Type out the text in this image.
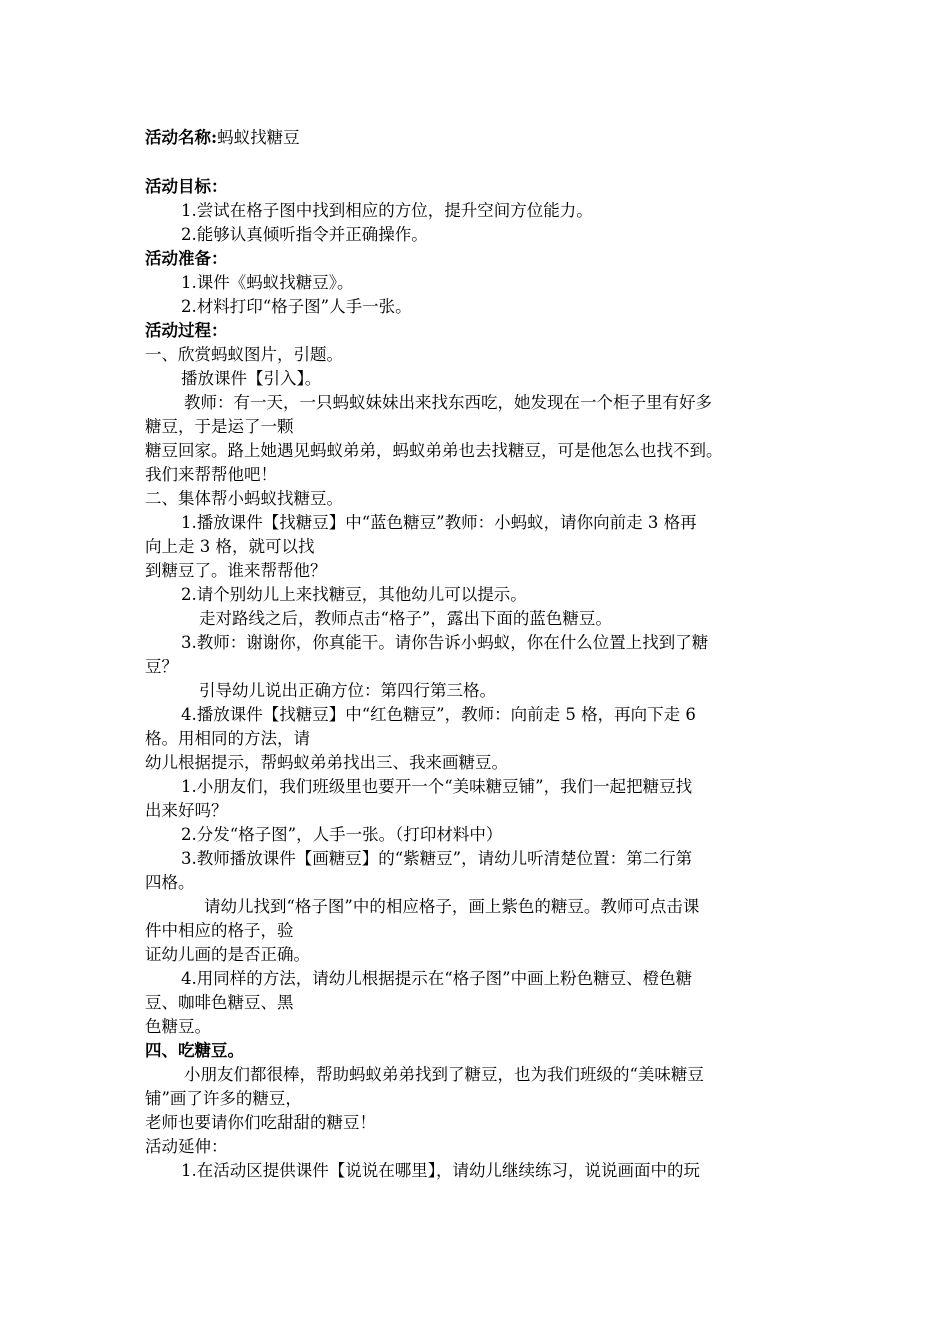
活动名称:蚂蚁找糖豆
活动目标：
1.尝试在格子图中找到相应的方位，提升空间方位能力。
2.能够认真倾听指令并正确操作。
活动准备：
1.课件《蚂蚁找糖豆》。
2.材料打印“格子图”人手一张。
活动过程：
一、欣赏蚂蚁图片，引题。
播放课件【引入】。
教师：有一天，一只蚂蚁妹妹出来找东西吃，她发现在一个柜子里有好多
糖豆，于是运了一颗
糖豆回家。路上她遇见蚂蚁弟弟，蚂蚁弟弟也去找糖豆，可是他怎么也找不到。
我们来帮帮他吧！
二、集体帮小蚂蚁找糖豆。
1.播放课件【找糖豆】中“蓝色糖豆”教师：小蚂蚁，请你向前走 3 格再
向上走 3 格，就可以找
到糖豆了。谁来帮帮他？
2.请个别幼儿上来找糖豆，其他幼儿可以提示。
走对路线之后，教师点击“格子”，露出下面的蓝色糖豆。
3.教师：谢谢你，你真能干。请你告诉小蚂蚁，你在什么位置上找到了糖
豆？
引导幼儿说出正确方位：第四行第三格。
4.播放课件【找糖豆】中“红色糖豆”，教师：向前走 5 格，再向下走 6
格。用相同的方法，请
幼儿根据提示，帮蚂蚁弟弟找出三、我来画糖豆。
1.小朋友们，我们班级里也要开一个“美味糖豆铺”，我们一起把糖豆找
出来好吗？
2.分发“格子图”，人手一张。（打印材料中）
3.教师播放课件【画糖豆】的“紫糖豆”，请幼儿听清楚位置：第二行第
四格。
请幼儿找到“格子图”中的相应格子，画上紫色的糖豆。教师可点击课
件中相应的格子，验
证幼儿画的是否正确。
4.用同样的方法，请幼儿根据提示在“格子图”中画上粉色糖豆、橙色糖
豆、咖啡色糖豆、黑
色糖豆。
四、吃糖豆。
小朋友们都很棒，帮助蚂蚁弟弟找到了糖豆，也为我们班级的“美味糖豆
铺”画了许多的糖豆，
老师也要请你们吃甜甜的糖豆！
活动延伸：
1.在活动区提供课件【说说在哪里】，请幼儿继续练习，说说画面中的玩
